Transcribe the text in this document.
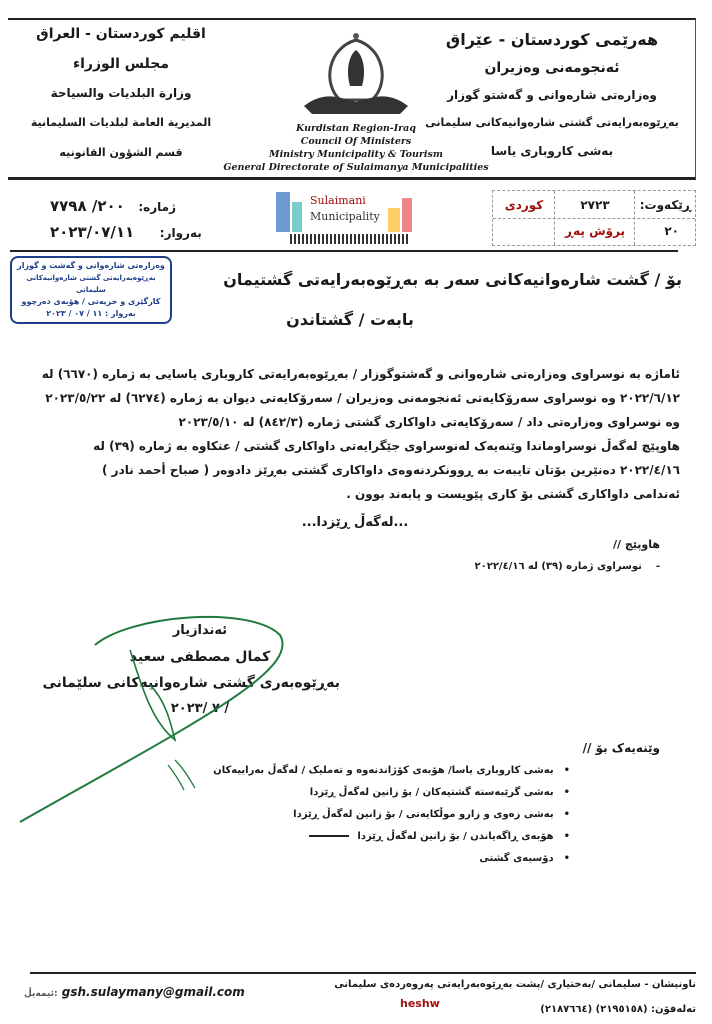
هەرێمی کوردستان - عێراق
ئەنجومەنی وەزیران
وەزارەتی شارەوانی و گەشتو گوزار
بەڕێوەبەرایەتی گشتی شارەوانیەکانی سلیمانی
بەشی کاروباری یاسا
اقليم كوردستان - العراق
مجلس الوزراء
وزارة البلديات والسياحة
المديرية العامة لبلديات السليمانية
قسم الشؤون القانونيه
Kurdistan Region-Iraq
Council Of Ministers
Ministry Municipality & Tourism
General Directorate of Sulaimanya Municipalities
ژمارە: ٢٠٠/ ٧٧٩٨
بەروار: ٢٠٢٣/٠٧/١١
Sulaimani
Municipality
ڕێکەوت:
٢٧٢٣
کوردی
٢٠
پرۆش پەڕ
وەزارەتی شارەوانی و گەشت و گوزار
بەڕێوەبەرایەتی گشتی شارەوانیەکانی سلیمانی
کارگێری و خزیەتی / هۆبەی دەرچوو
بەروار : ١١ / ٠٧ / ٢٠٢٣
بۆ / گشت شارەوانیەکانی سەر بە بەڕێوەبەرایەتی گشتیمان
بابەت / گشتاندن

ئاماژە بە نوسراوی وەزارەتی شارەوانی و گەشتوگوزار / بەڕێوەبەرایەتی کاروباری یاسایی بە ژمارە (٦٦٧٠) لە

٢٠٢٢/٦/١٢ وە نوسراوی سەرۆکایەتی ئەنجومەنی وەزیران / سەرۆکایەتی دیوان بە ژمارە (٦٢٧٤) لە ٢٠٢٣/٥/٢٢

وە نوسراوی وەزارەتی داد / سەرۆکایەتی داواکاری گشتی ژمارە (٨٤٢/٣) لە ٢٠٢٣/٥/١٠

هاوپێچ لەگەڵ نوسراوماندا وێنەیەک لەنوسراوی جێگرایەتی داواکاری گشتی / عنکاوە بە ژمارە (٣٩) لە

٢٠٢٢/٤/١٦ دەنێرین بۆتان تایبەت بە ڕوونکردنەوەی داواکاری گشتی بەڕێز دادوەر ( صباح أحمد نادر )

ئەندامی داواکاری گشتی بۆ کاری پێویست و پابەند بوون .

...لەگەڵ ڕێزدا...
هاوپێچ //
-    نوسراوی ژمارە (٣٩) لە ٢٠٢٢/٤/١٦
ئەندازیار
کمال مصطفى سعيد
بەڕێوەبەری گشتی شارەوانیەکانی سلێمانی
/ ٧ /٢٠٢٣
وێنەیەک بۆ //
• بەشی کاروباری یاسا/ هۆبەی کۆژاندنەوە و تەملیک / لەگەڵ بەراییەکان
• بەشی گرێبەستە گشتیەکان / بۆ زانین لەگەڵ ڕێزدا
• بەشی زەوی و زارو موڵکایەتی / بۆ زانین لەگەڵ ڕێزدا
• هۆبەی ڕاگەیاندن / بۆ زانین لەگەڵ ڕێزدا
• دۆسیەی گشتی
ناونیشان - سلیمانی /بەختیاری /پشت بەڕێوەبەرایەتی پەروەردەی سلیمانی
تەلەفۆن: (٢١٩٥١٥٨) (٢١٨٧٦٦٤)
heshw
ئیمەیڵ: gsh.sulaymany@gmail.com
